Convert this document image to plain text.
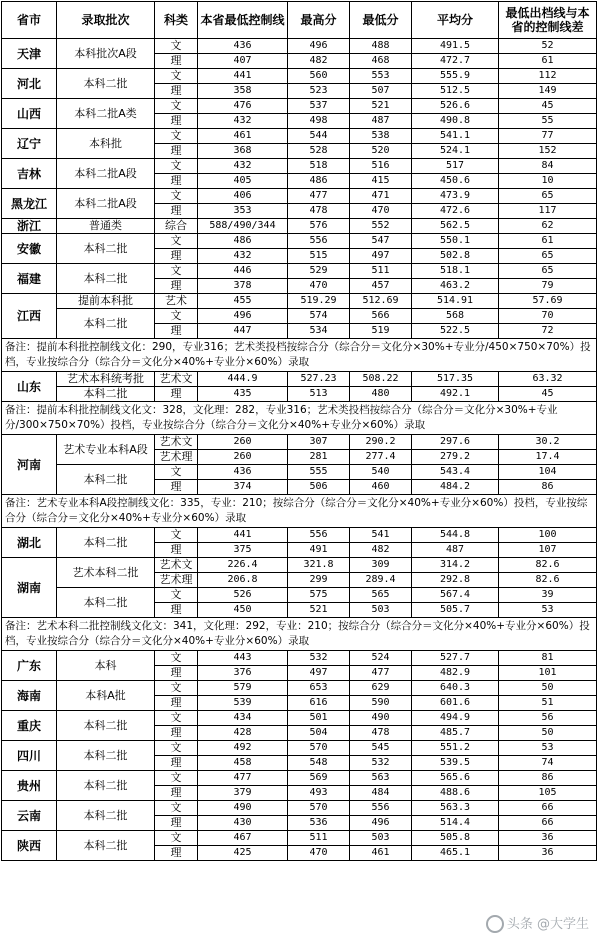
省市	录取批次	科类	本省最低控制线	最高分	最低分	平均分	最低出档线与本省的控制线差
天津	本科批次A段	文	436	496	488	491.5	52
		理	407	482	468	472.7	61
河北	本科二批	文	441	560	553	555.9	112
		理	358	523	507	512.5	149
山西	本科二批A类	文	476	537	521	526.6	45
		理	432	498	487	490.8	55
辽宁	本科批	文	461	544	538	541.1	77
		理	368	528	520	524.1	152
吉林	本科二批A段	文	432	518	516	517	84
		理	405	486	415	450.6	10
黑龙江	本科二批A段	文	406	477	471	473.9	65
		理	353	478	470	472.6	117
浙江	普通类	综合	588/490/344	576	552	562.5	62
安徽	本科二批	文	486	556	547	550.1	61
		理	432	515	497	502.8	65
福建	本科二批	文	446	529	511	518.1	65
		理	378	470	457	463.2	79
江西	提前本科批	艺术	455	519.29	512.69	514.91	57.69
	本科二批	文	496	574	566	568	70
		理	447	534	519	522.5	72
备注：提前本科批控制线文化：290，专业316；艺术类投档按综合分（综合分＝文化分×30%+专业分/450×750×70%）投档，专业按综合分（综合分＝文化分×40%+专业分×60%）录取							
山东	艺术本科统考批	艺术文	444.9	527.23	508.22	517.35	63.32
	本科二批	理	435	513	480	492.1	45
备注：提前本科批控制线文化文：328，文化理：282，专业316；艺术类投档按综合分（综合分＝文化分×30%+专业分/300×750×70%）投档，专业按综合分（综合分＝文化分×40%+专业分×60%）录取							
河南	艺术专业本科A段	艺术文	260	307	290.2	297.6	30.2
		艺术理	260	281	277.4	279.2	17.4
	本科二批	文	436	555	540	543.4	104
		理	374	506	460	484.2	86
备注：艺术专业本科A段控制线文化：335，专业：210；按综合分（综合分＝文化分×40%+专业分×60%）投档，专业按综合分（综合分＝文化分×40%+专业分×60%）录取							
湖北	本科二批	文	441	556	541	544.8	100
		理	375	491	482	487	107
湖南	艺术本科二批	艺术文	226.4	321.8	309	314.2	82.6
		艺术理	206.8	299	289.4	292.8	82.6
	本科二批	文	526	575	565	567.4	39
		理	450	521	503	505.7	53
备注：艺术本科二批控制线文化文：341，文化理：292，专业：210；按综合分（综合分＝文化分×40%+专业分×60%）投档，专业按综合分（综合分＝文化分×40%+专业分×60%）录取							
广东	本科	文	443	532	524	527.7	81
		理	376	497	477	482.9	101
海南	本科A批	文	579	653	629	640.3	50
		理	539	616	590	601.6	51
重庆	本科二批	文	434	501	490	494.9	56
		理	428	504	478	485.7	50
四川	本科二批	文	492	570	545	551.2	53
		理	458	548	532	539.5	74
贵州	本科二批	文	477	569	563	565.6	86
		理	379	493	484	488.6	105
云南	本科二批	文	490	570	556	563.3	66
		理	430	536	496	514.4	66
陕西	本科二批	文	467	511	503	505.8	36
		理	425	470	461	465.1	36
头条 @大学生
